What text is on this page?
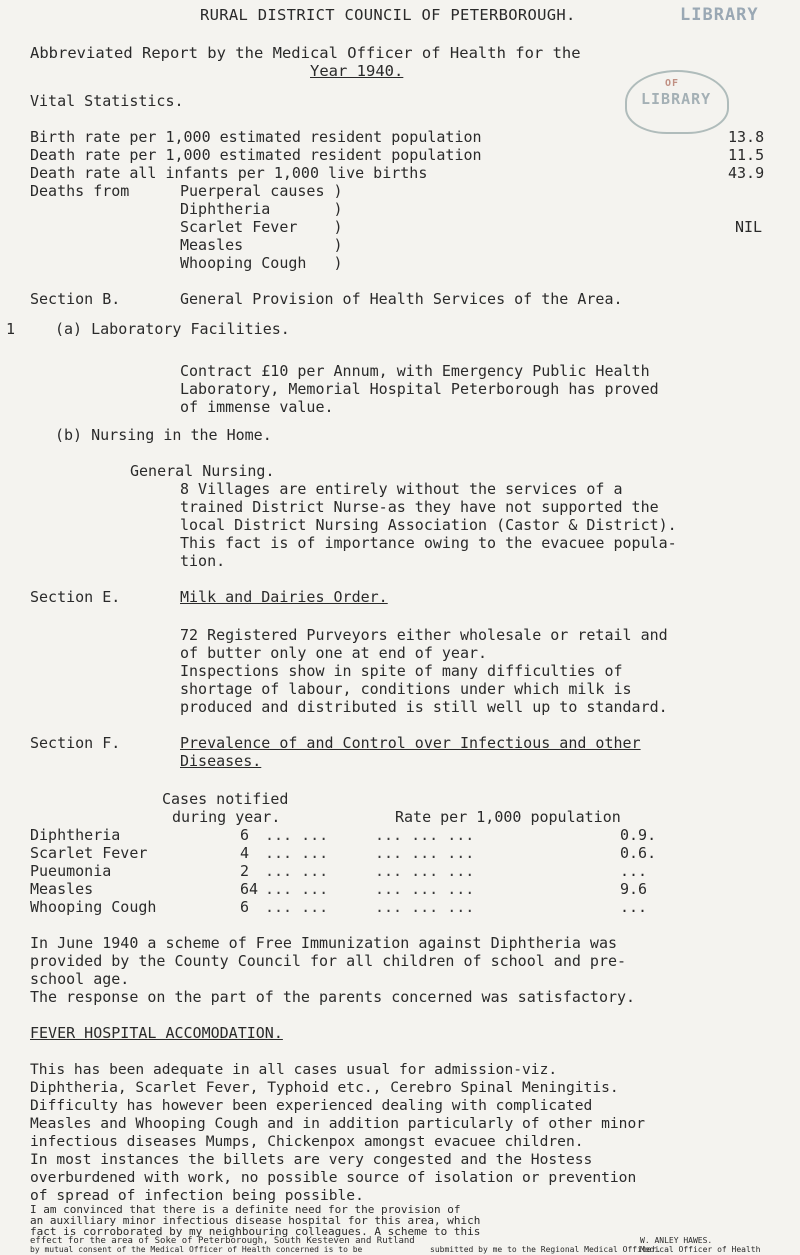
RURAL DISTRICT COUNCIL OF PETERBOROUGH.	LIBRARY
Abbreviated Report by the Medical Officer of Health for the
Year 1940.
OF
LIBRARY
Vital Statistics.
Birth rate per 1,000 estimated resident population	13.8
Death rate per 1,000 estimated resident population	11.5
Death rate all infants per 1,000 live births	43.9
Deaths from	Puerperal causes )
Diphtheria       )
Scarlet Fever    )
Measles          )
Whooping Cough   )
NIL
Section B.	General Provision of Health Services of the Area.
1	(a) Laboratory Facilities.
Contract £10 per Annum, with Emergency Public Health
Laboratory, Memorial Hospital Peterborough has proved
of immense value.
(b) Nursing in the Home.
General Nursing.
8 Villages are entirely without the services of a
trained District Nurse-as they have not supported the
local District Nursing Association (Castor & District).
This fact is of importance owing to the evacuee popula-
tion.
Section E.	Milk and Dairies Order.
72 Registered Purveyors either wholesale or retail and
of butter only one at end of year.
Inspections show in spite of many difficulties of
shortage of labour, conditions under which milk is
produced and distributed is still well up to standard.
Section F.	Prevalence of and Control over Infectious and other
Diseases.
Cases notified
during year.	Rate per 1,000 population
Diphtheria	6 ... ...	... ... ...	0.9.
Scarlet Fever	4 ... ...	... ... ...	0.6.
Pueumonia	2 ... ...	... ... ...	...
Measles	64 ... ...	... ... ...	9.6
Whooping Cough	6 ... ...	... ... ...	...
In June 1940 a scheme of Free Immunization against Diphtheria was
provided by the County Council for all children of school and pre-
school age.
The response on the part of the parents concerned was satisfactory.
FEVER HOSPITAL ACCOMODATION.
This has been adequate in all cases usual for admission-viz.
Diphtheria, Scarlet Fever, Typhoid etc., Cerebro Spinal Meningitis.
Difficulty has however been experienced dealing with complicated
Measles and Whooping Cough and in addition particularly of other minor
infectious diseases Mumps, Chickenpox amongst evacuee children.
In most instances the billets are very congested and the Hostess
overburdened with work, no possible source of isolation or prevention
of spread of infection being possible.
I am convinced that there is a definite need for the provision of
an auxilliary minor infectious disease hospital for this area, which
fact is corroborated by my neighbouring colleagues. A scheme to this
effect for the area of Soke of Peterborough, South Kesteven and Rutland
by mutual consent of the Medical Officer of Health concerned is to be	submitted by me to the Regional Medical Officer.
W. ANLEY HAWES.
Medical Officer of Health
